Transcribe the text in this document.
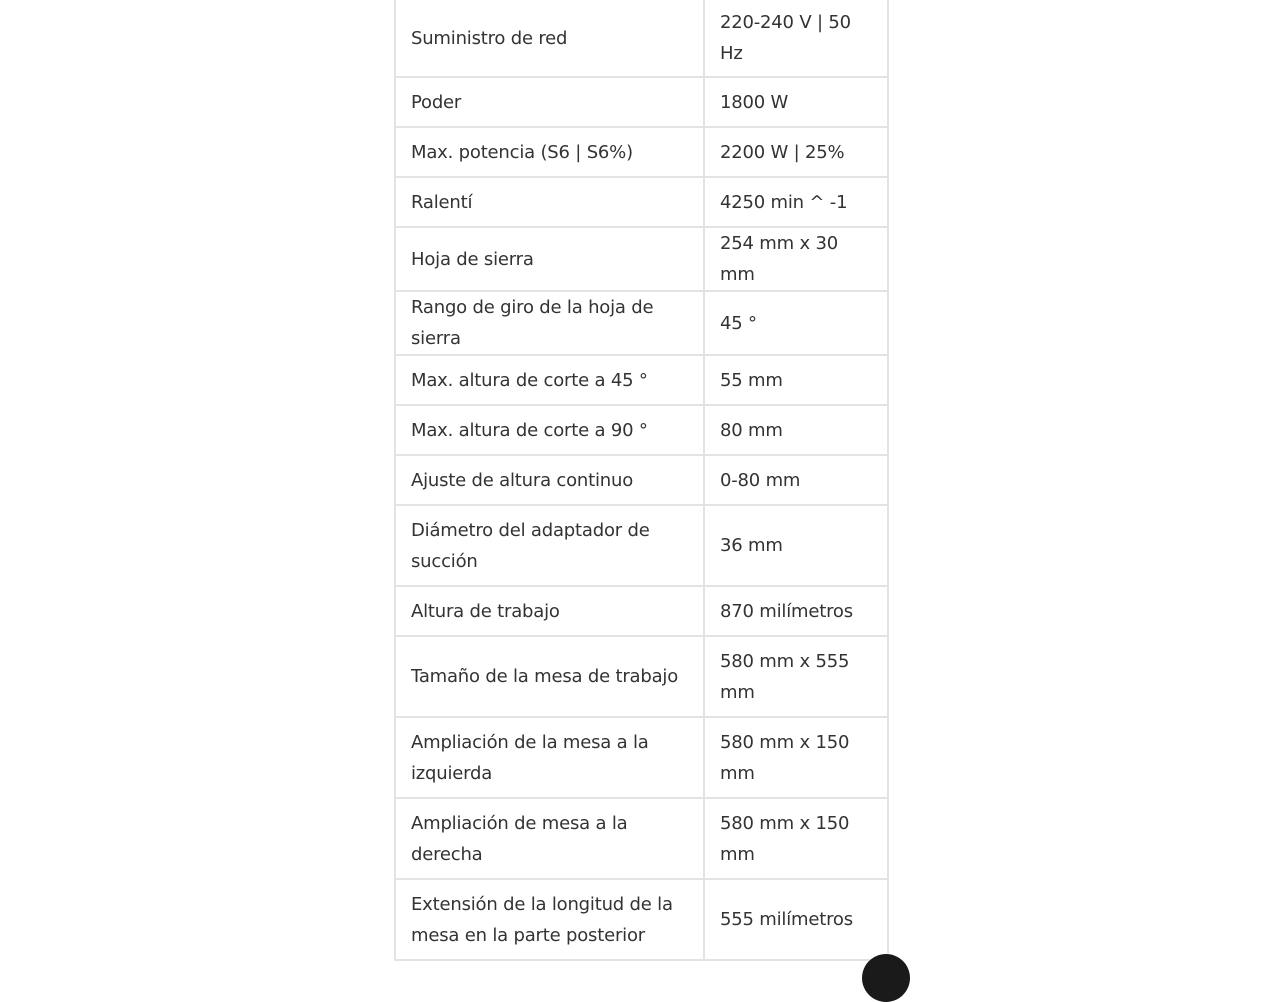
Suministro de red	220-240 V | 50 Hz
Poder	1800 W
Max. potencia (S6 | S6%)	2200 W | 25%
Ralentí	4250 min ^ -1
Hoja de sierra	254 mm x 30 mm
Rango de giro de la hoja de sierra	45 °
Max. altura de corte a 45 °	55 mm
Max. altura de corte a 90 °	80 mm
Ajuste de altura continuo	0-80 mm
Diámetro del adaptador de succión	36 mm
Altura de trabajo	870 milímetros
Tamaño de la mesa de trabajo	580 mm x 555 mm
Ampliación de la mesa a la izquierda	580 mm x 150 mm
Ampliación de mesa a la derecha	580 mm x 150 mm
Extensión de la longitud de la mesa en la parte posterior	555 milímetros
